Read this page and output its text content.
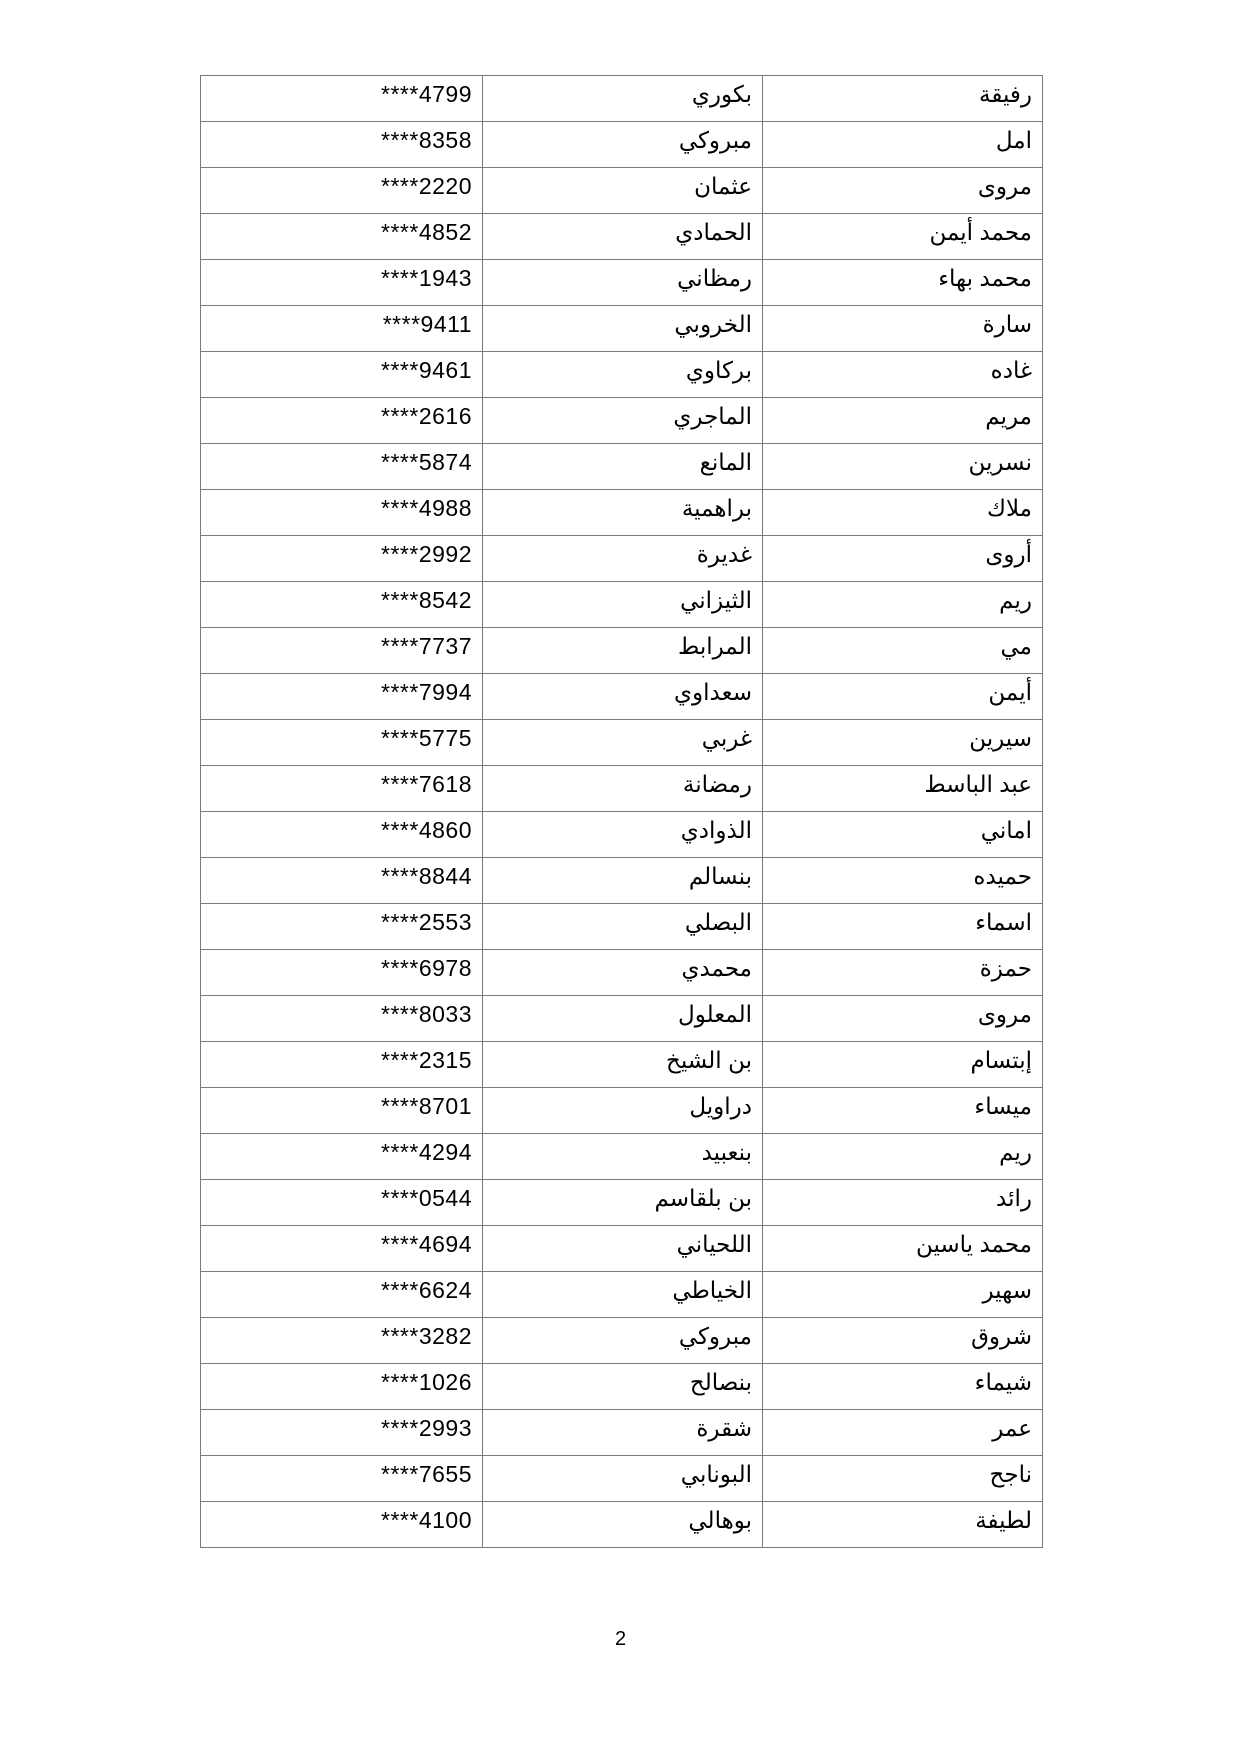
****4799	بكوري	رفيقة
****8358	مبروكي	امل
****2220	عثمان	مروى
****4852	الحمادي	محمد أيمن
****1943	رمظاني	محمد بهاء
****9411	الخروبي	سارة
****9461	بركاوي	غاده
****2616	الماجري	مريم
****5874	المانع	نسرين
****4988	براهمية	ملاك
****2992	غديرة	أروى
****8542	الثيزاني	ريم
****7737	المرابط	مي
****7994	سعداوي	أيمن
****5775	غربي	سيرين
****7618	رمضانة	عبد الباسط
****4860	الذوادي	اماني
****8844	بنسالم	حميده
****2553	البصلي	اسماء
****6978	محمدي	حمزة
****8033	المعلول	مروى
****2315	بن الشيخ	إبتسام
****8701	دراويل	ميساء
****4294	بنعبيد	ريم
****0544	بن بلقاسم	رائد
****4694	اللحياني	محمد ياسين
****6624	الخياطي	سهير
****3282	مبروكي	شروق
****1026	بنصالح	شيماء
****2993	شقرة	عمر
****7655	البونابي	ناجح
****4100	بوهالي	لطيفة
2
